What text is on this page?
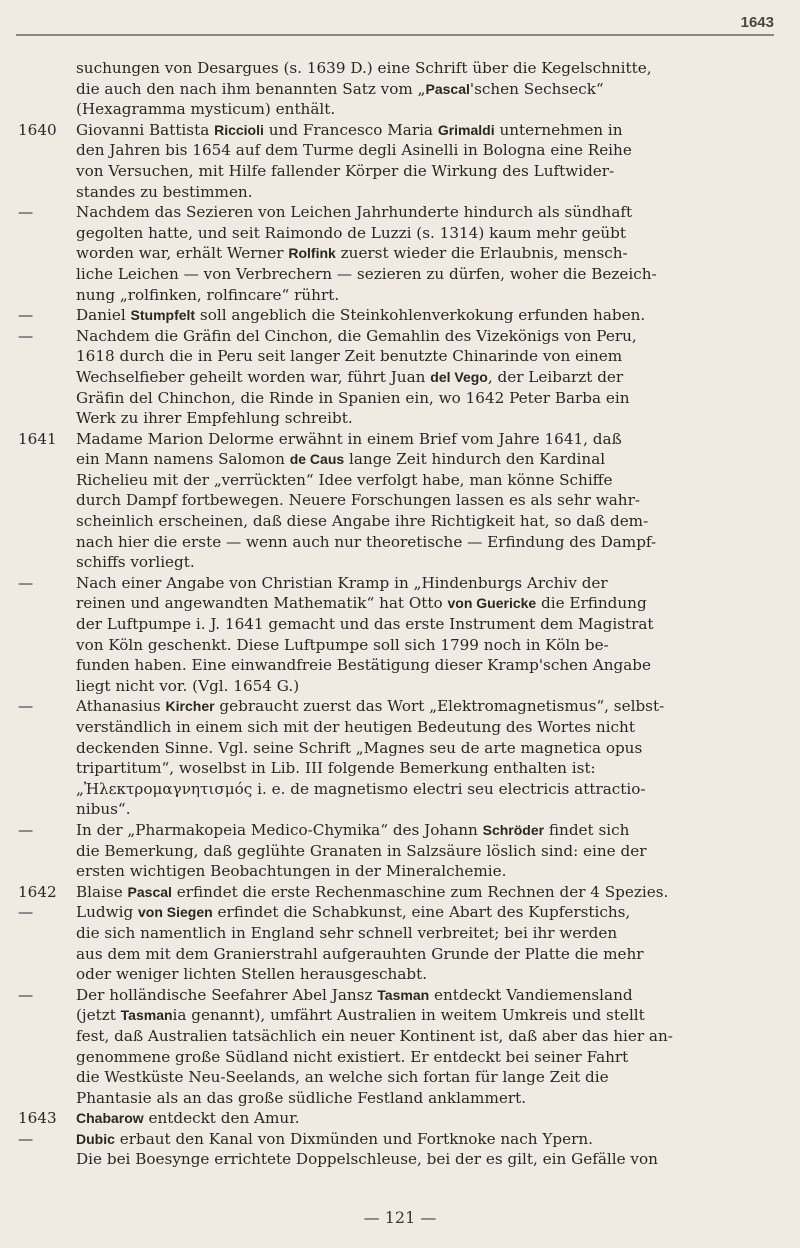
1643
suchungen von Desargues (s. 1639 D.) eine Schrift über die Kegelschnitte,
die auch den nach ihm benannten Satz vom „Pascal'schen Sechseck“
(Hexagramma mysticum) enthält.
1640	Giovanni Battista Riccioli und Francesco Maria Grimaldi unternehmen in
den Jahren bis 1654 auf dem Turme degli Asinelli in Bologna eine Reihe
von Versuchen, mit Hilfe fallender Körper die Wirkung des Luftwider-
standes zu bestimmen.
—	Nachdem das Sezieren von Leichen Jahrhunderte hindurch als sündhaft
gegolten hatte, und seit Raimondo de Luzzi (s. 1314) kaum mehr geübt
worden war, erhält Werner Rolfink zuerst wieder die Erlaubnis, mensch-
liche Leichen — von Verbrechern — sezieren zu dürfen, woher die Bezeich-
nung „rolfinken, rolfincare“ rührt.
—	Daniel Stumpfelt soll angeblich die Steinkohlenverkokung erfunden haben.
—	Nachdem die Gräfin del Cinchon, die Gemahlin des Vizekönigs von Peru,
1618 durch die in Peru seit langer Zeit benutzte Chinarinde von einem
Wechselfieber geheilt worden war, führt Juan del Vego, der Leibarzt der
Gräfin del Chinchon, die Rinde in Spanien ein, wo 1642 Peter Barba ein
Werk zu ihrer Empfehlung schreibt.
1641	Madame Marion Delorme erwähnt in einem Brief vom Jahre 1641, daß
ein Mann namens Salomon de Caus lange Zeit hindurch den Kardinal
Richelieu mit der „verrückten“ Idee verfolgt habe, man könne Schiffe
durch Dampf fortbewegen. Neuere Forschungen lassen es als sehr wahr-
scheinlich erscheinen, daß diese Angabe ihre Richtigkeit hat, so daß dem-
nach hier die erste — wenn auch nur theoretische — Erfindung des Dampf-
schiffs vorliegt.
—	Nach einer Angabe von Christian Kramp in „Hindenburgs Archiv der
reinen und angewandten Mathematik“ hat Otto von Guericke die Erfindung
der Luftpumpe i. J. 1641 gemacht und das erste Instrument dem Magistrat
von Köln geschenkt. Diese Luftpumpe soll sich 1799 noch in Köln be-
funden haben. Eine einwandfreie Bestätigung dieser Kramp'schen Angabe
liegt nicht vor. (Vgl. 1654 G.)
—	Athanasius Kircher gebraucht zuerst das Wort „Elektromagnetismus“, selbst-
verständlich in einem sich mit der heutigen Bedeutung des Wortes nicht
deckenden Sinne. Vgl. seine Schrift „Magnes seu de arte magnetica opus
tripartitum“, woselbst in Lib. III folgende Bemerkung enthalten ist:
„Ἠλεκτρομαγνητισμός i. e. de magnetismo electri seu electricis attractio-
nibus“.
—	In der „Pharmakopeia Medico-Chymika“ des Johann Schröder findet sich
die Bemerkung, daß geglühte Granaten in Salzsäure löslich sind: eine der
ersten wichtigen Beobachtungen in der Mineralchemie.
1642	Blaise Pascal erfindet die erste Rechenmaschine zum Rechnen der 4 Spezies.
—	Ludwig von Siegen erfindet die Schabkunst, eine Abart des Kupferstichs,
die sich namentlich in England sehr schnell verbreitet; bei ihr werden
aus dem mit dem Granierstrahl aufgerauhten Grunde der Platte die mehr
oder weniger lichten Stellen herausgeschabt.
—	Der holländische Seefahrer Abel Jansz Tasman entdeckt Vandiemensland
(jetzt Tasmania genannt), umfährt Australien in weitem Umkreis und stellt
fest, daß Australien tatsächlich ein neuer Kontinent ist, daß aber das hier an-
genommene große Südland nicht existiert. Er entdeckt bei seiner Fahrt
die Westküste Neu-Seelands, an welche sich fortan für lange Zeit die
Phantasie als an das große südliche Festland anklammert.
1643	Chabarow entdeckt den Amur.
—	Dubic erbaut den Kanal von Dixmünden und Fortknoke nach Ypern.
Die bei Boesynge errichtete Doppelschleuse, bei der es gilt, ein Gefälle von
— 121 —
